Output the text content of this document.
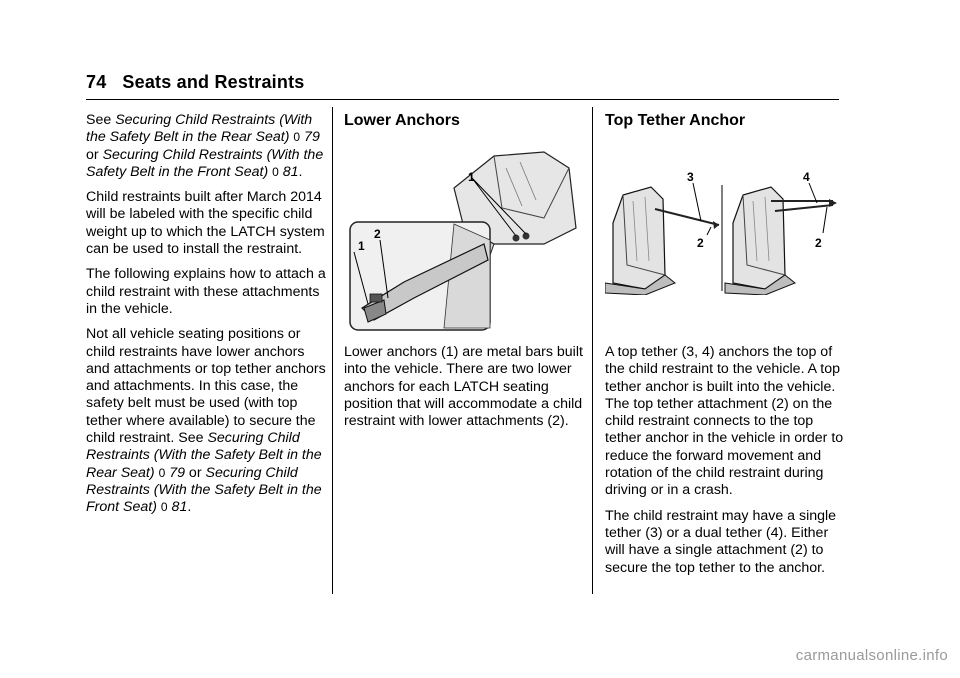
74 Seats and Restraints

See Securing Child Restraints (With the Safety Belt in the Rear Seat) 0 79 or Securing Child Restraints (With the Safety Belt in the Front Seat) 0 81.

Child restraints built after March 2014 will be labeled with the specific child weight up to which the LATCH system can be used to install the restraint.

The following explains how to attach a child restraint with these attachments in the vehicle.

Not all vehicle seating positions or child restraints have lower anchors and attachments or top tether anchors and attachments. In this case, the safety belt must be used (with top tether where available) to secure the child restraint. See Securing Child Restraints (With the Safety Belt in the Rear Seat) 0 79 or Securing Child Restraints (With the Safety Belt in the Front Seat) 0 81.

Lower Anchors
1
2
1

Lower anchors (1) are metal bars built into the vehicle. There are two lower anchors for each LATCH seating position that will accommodate a child restraint with lower attachments (2).

Top Tether Anchor
3
2
4
2

A top tether (3, 4) anchors the top of the child restraint to the vehicle. A top tether anchor is built into the vehicle. The top tether attachment (2) on the child restraint connects to the top tether anchor in the vehicle in order to reduce the forward movement and rotation of the child restraint during driving or in a crash.

The child restraint may have a single tether (3) or a dual tether (4). Either will have a single attachment (2) to secure the top tether to the anchor.

carmanualsonline.info
